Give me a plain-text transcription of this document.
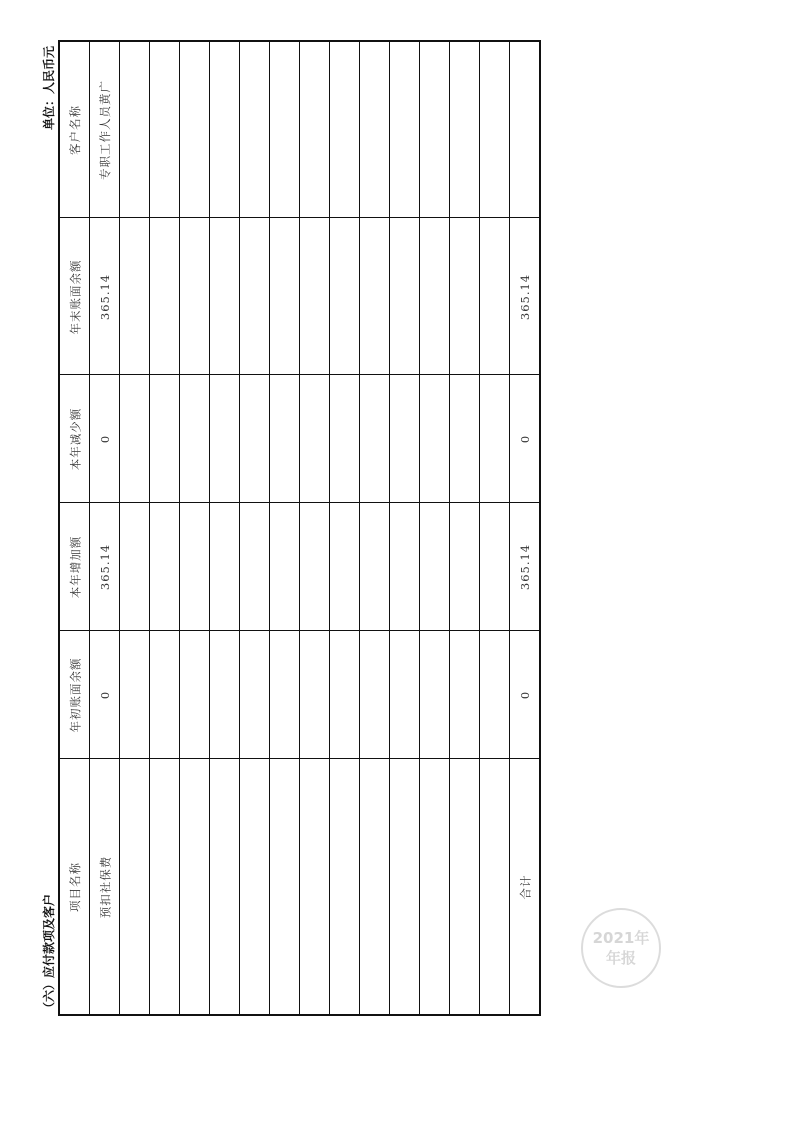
（六）应付款项及客户
单位：人民币元 客户名称
年末账面余额
本年减少额
本年增加额
年初账面余额
项目名称
专职工作人员黄广
365.14
0
365.14
0
预扣社保费
365.14
0
365.14
0
合计
2021年
年报
